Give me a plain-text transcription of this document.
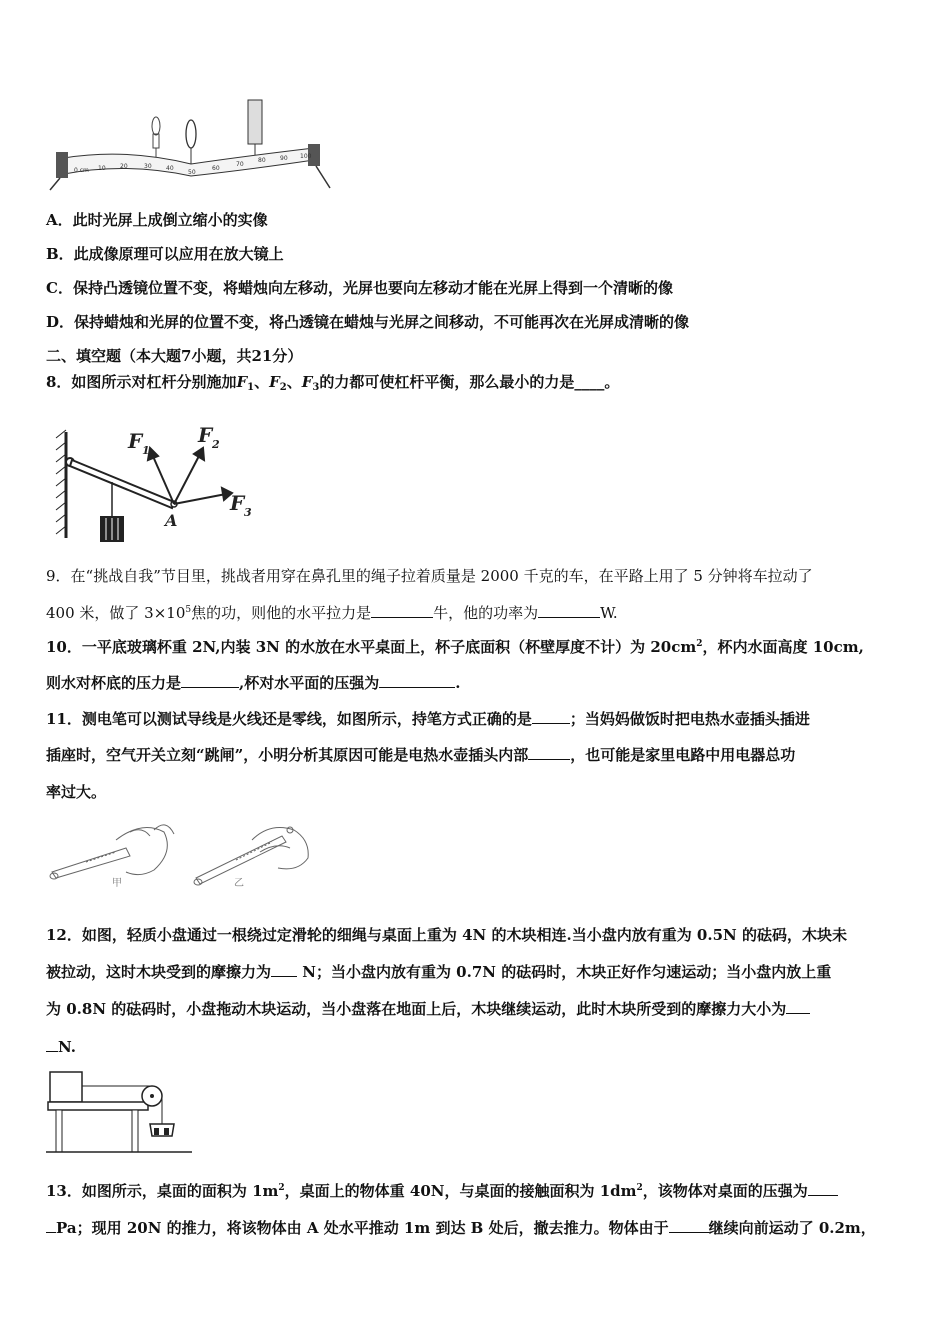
0 cm 10 20	30 40
50
60
70
80 90 100
A．此时光屏上成倒立缩小的实像
B．此成像原理可以应用在放大镜上
C．保持凸透镜位置不变，将蜡烛向左移动，光屏也要向左移动才能在光屏上得到一个清晰的像
D．保持蜡烛和光屏的位置不变，将凸透镜在蜡烛与光屏之间移动，不可能再次在光屏成清晰的像
二、填空题（本大题7小题，共21分）
8．如图所示对杠杆分别施加$F_1$、$F_2$、$F_3$的力都可使杠杆平衡，那么最小的力是____。
F 1
F 2
F 3
A
9．在“挑战自我”节目里，挑战者用穿在鼻孔里的绳子拉着质量是 2000 千克的车，在平路上用了 5 分钟将车拉动了
400 米，做了 $3\times 10^5$焦的功，则他的水平拉力是	牛，他的功率为	W.
10．一平底玻璃杯重 2N,内装 3N 的水放在水平桌面上，杯子底面积（杯壁厚度不计）为 $20cm^2$，杯内水面高度 10cm,
则水对杯底的压力是	,杯对水平面的压强为	.
11．测电笔可以测试导线是火线还是零线，如图所示，持笔方式正确的是	；当妈妈做饭时把电热水壶插头插进
插座时，空气开关立刻“跳闸”，小明分析其原因可能是电热水壶插头内部	，也可能是家里电路中用电器总功
率过大。
甲	乙
12．如图，轻质小盘通过一根绕过定滑轮的细绳与桌面上重为 4N 的木块相连.当小盘内放有重为 0.5N 的砝码，木块未
被拉动，这时木块受到的摩擦力为 N；当小盘内放有重为 0.7N 的砝码时，木块正好作匀速运动；当小盘内放上重
为 0.8N 的砝码时，小盘拖动木块运动，当小盘落在地面上后，木块继续运动，此时木块所受到的摩擦力大小为
N.
13．如图所示，桌面的面积为 $1m^2$，桌面上的物体重 40N，与桌面的接触面积为 $1dm^2$，该物体对桌面的压强为
Pa；现用 20N 的推力，将该物体由 A 处水平推动 1m 到达 B 处后，撤去推力。物体由于	继续向前运动了 0.2m，
